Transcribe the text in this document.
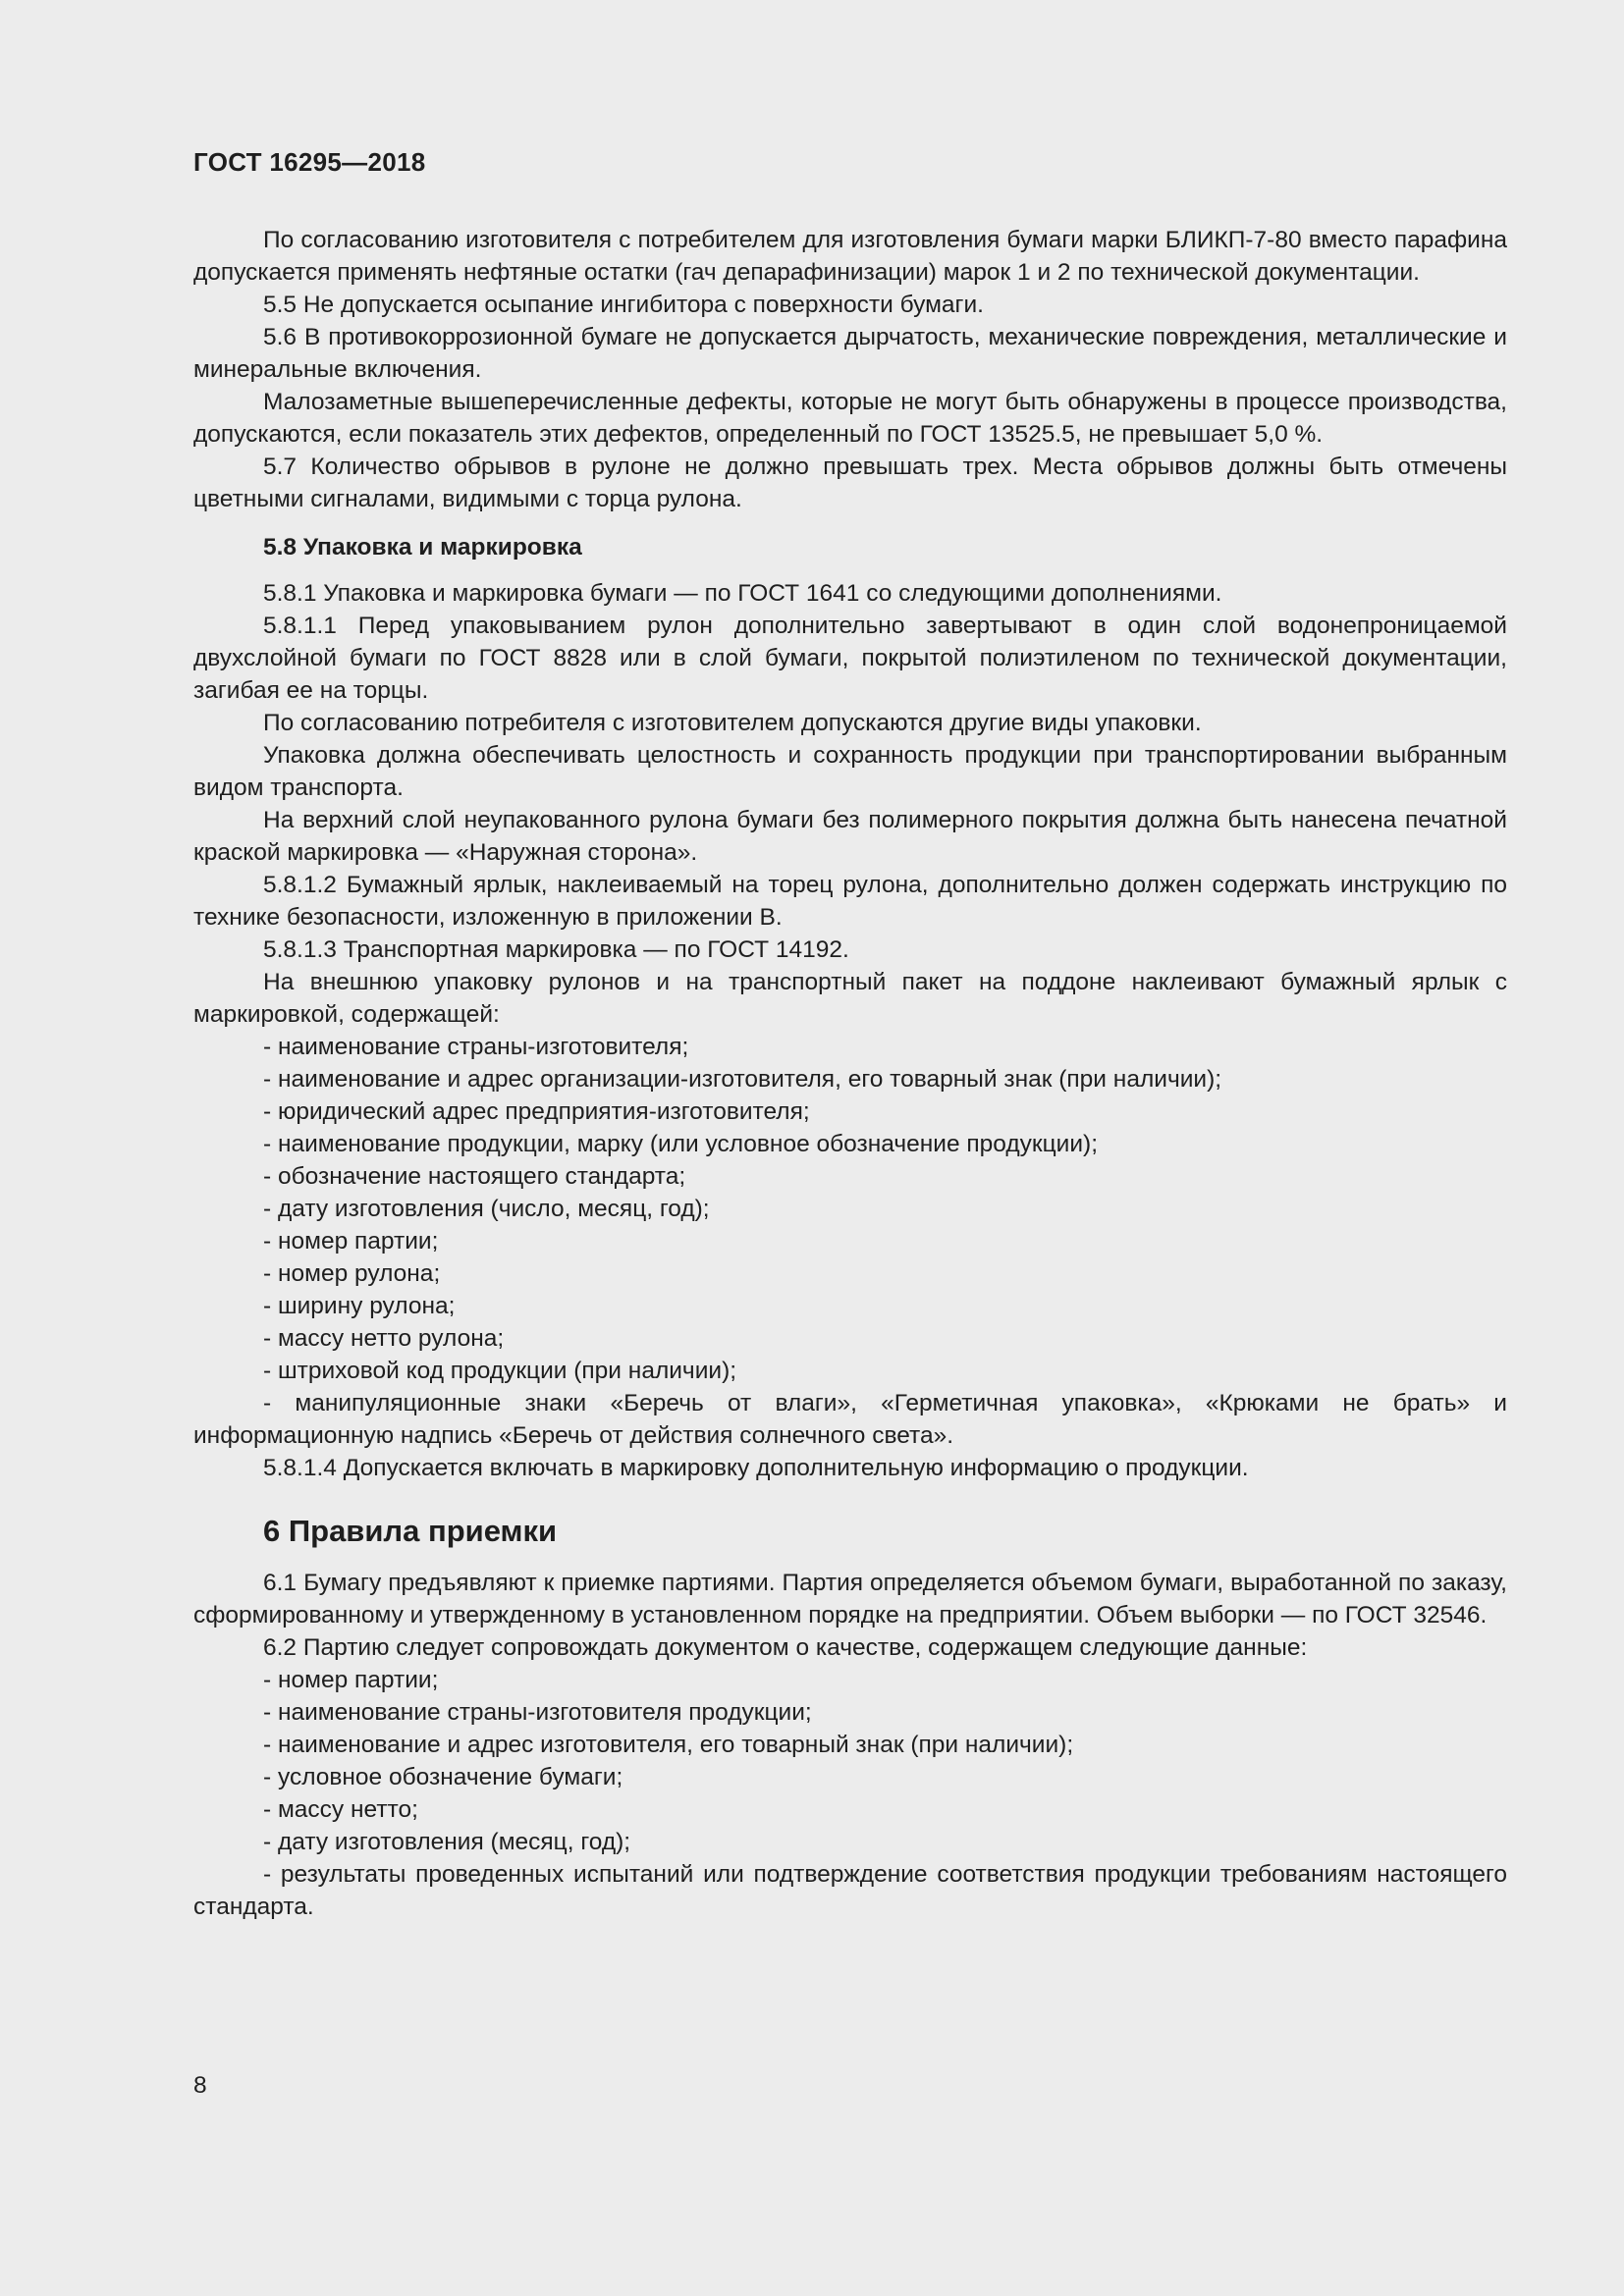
ГОСТ 16295—2018

По согласованию изготовителя с потребителем для изготовления бумаги марки БЛИКП-7-80 вместо парафина допускается применять нефтяные остатки (гач депарафинизации) марок 1 и 2 по технической документации.

5.5 Не допускается осыпание ингибитора с поверхности бумаги.

5.6 В противокоррозионной бумаге не допускается дырчатость, механические повреждения, металлические и минеральные включения.

Малозаметные вышеперечисленные дефекты, которые не могут быть обнаружены в процессе производства, допускаются, если показатель этих дефектов, определенный по ГОСТ 13525.5, не превышает 5,0 %.

5.7 Количество обрывов в рулоне не должно превышать трех. Места обрывов должны быть отмечены цветными сигналами, видимыми с торца рулона.

5.8 Упаковка и маркировка

5.8.1 Упаковка и маркировка бумаги — по ГОСТ 1641 со следующими дополнениями.

5.8.1.1 Перед упаковыванием рулон дополнительно завертывают в один слой водонепроницаемой двухслойной бумаги по ГОСТ 8828 или в слой бумаги, покрытой полиэтиленом по технической документации, загибая ее на торцы.

По согласованию потребителя с изготовителем допускаются другие виды упаковки.

Упаковка должна обеспечивать целостность и сохранность продукции при транспортировании выбранным видом транспорта.

На верхний слой неупакованного рулона бумаги без полимерного покрытия должна быть нанесена печатной краской маркировка — «Наружная сторона».

5.8.1.2 Бумажный ярлык, наклеиваемый на торец рулона, дополнительно должен содержать инструкцию по технике безопасности, изложенную в приложении В.

5.8.1.3 Транспортная маркировка — по ГОСТ 14192.

На внешнюю упаковку рулонов и на транспортный пакет на поддоне наклеивают бумажный ярлык с маркировкой, содержащей:

- наименование страны-изготовителя;

- наименование и адрес организации-изготовителя, его товарный знак (при наличии);

- юридический адрес предприятия-изготовителя;

- наименование продукции, марку (или условное обозначение продукции);

- обозначение настоящего стандарта;

- дату изготовления (число, месяц, год);

- номер партии;

- номер рулона;

- ширину рулона;

- массу нетто рулона;

- штриховой код продукции (при наличии);

- манипуляционные знаки «Беречь от влаги», «Герметичная упаковка», «Крюками не брать» и информационную надпись «Беречь от действия солнечного света».

5.8.1.4 Допускается включать в маркировку дополнительную информацию о продукции.

6 Правила приемки

6.1 Бумагу предъявляют к приемке партиями. Партия определяется объемом бумаги, выработанной по заказу, сформированному и утвержденному в установленном порядке на предприятии. Объем выборки — по ГОСТ 32546.

6.2 Партию следует сопровождать документом о качестве, содержащем следующие данные:

- номер партии;

- наименование страны-изготовителя продукции;

- наименование и адрес изготовителя, его товарный знак (при наличии);

- условное обозначение бумаги;

- массу нетто;

- дату изготовления (месяц, год);

- результаты проведенных испытаний или подтверждение соответствия продукции требованиям настоящего стандарта.

8
